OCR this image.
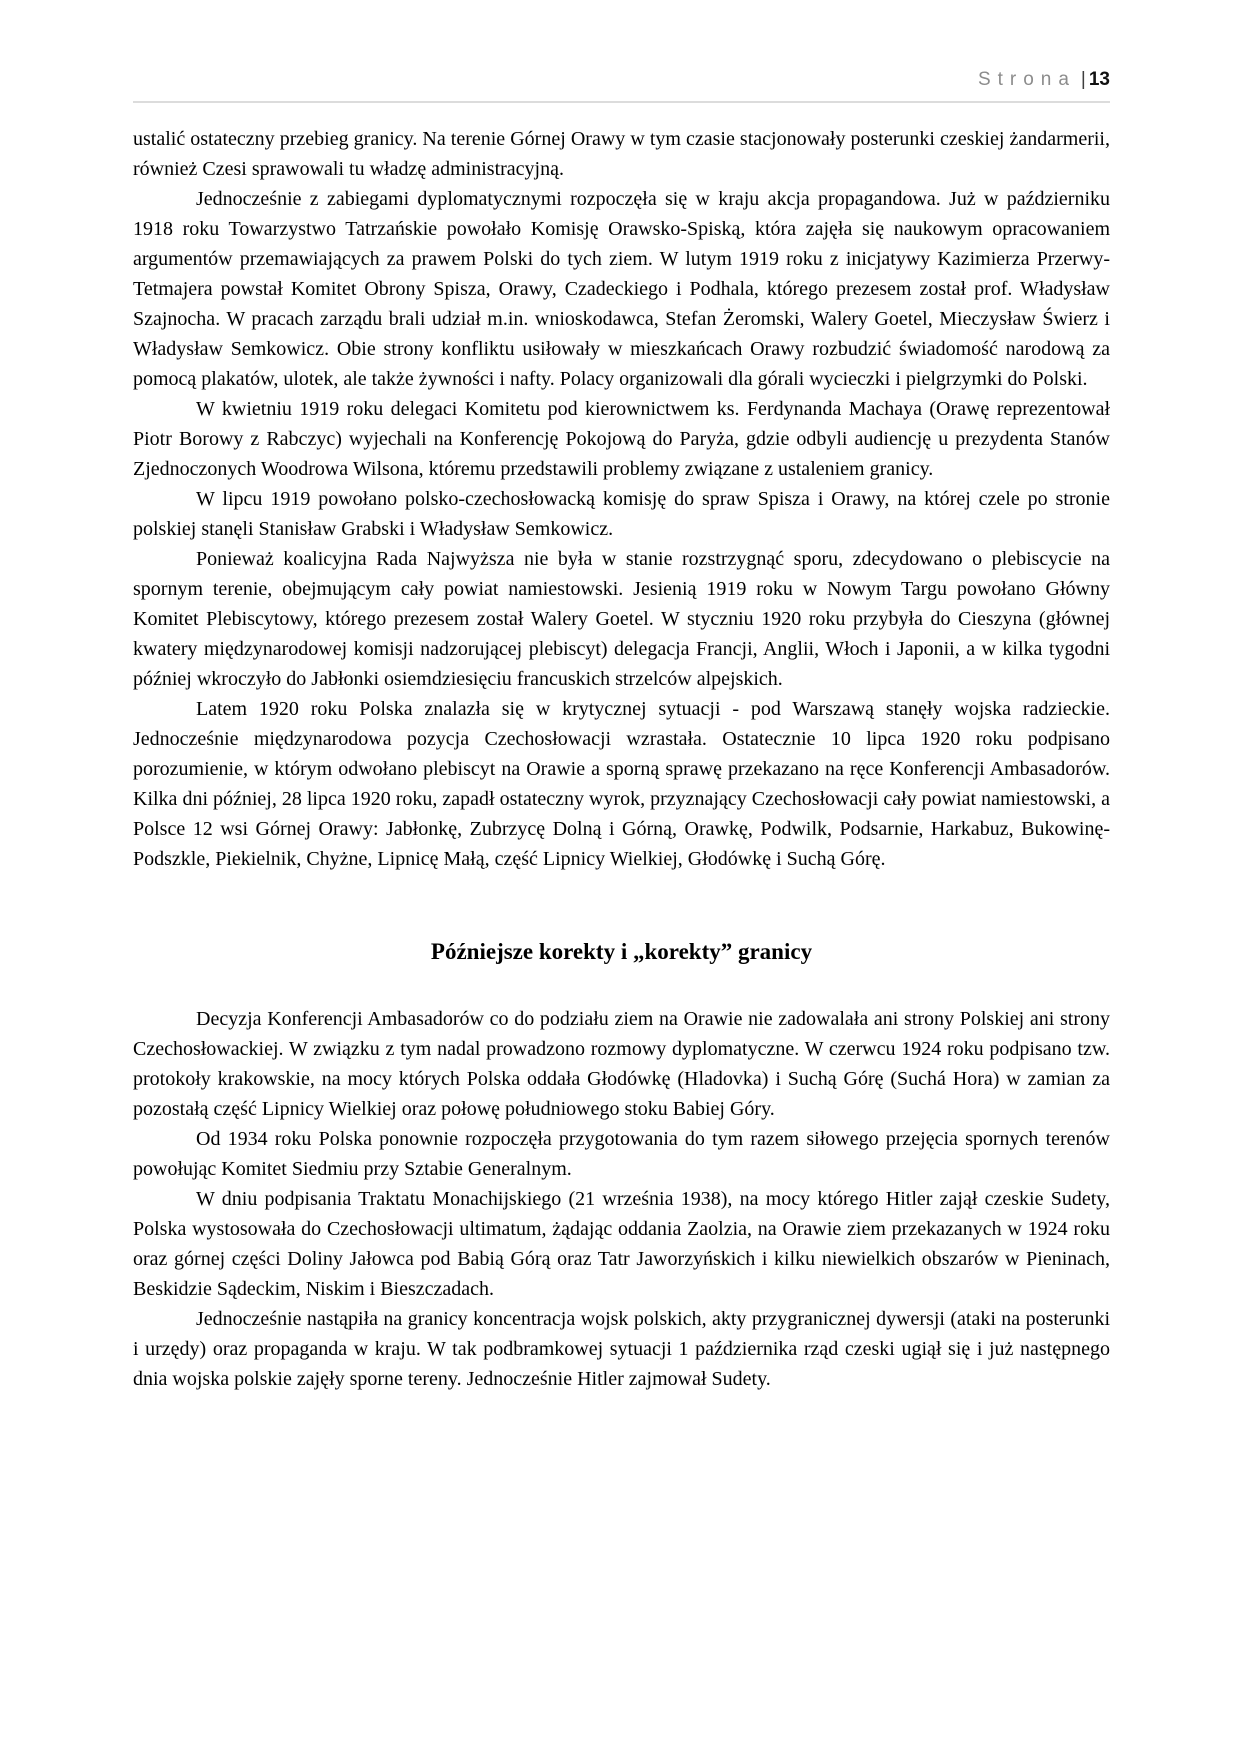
Strona | 13

ustalić ostateczny przebieg granicy. Na terenie Górnej Orawy w tym czasie stacjonowały posterunki czeskiej żandarmerii, również Czesi sprawowali tu władzę administracyjną.

Jednocześnie z zabiegami dyplomatycznymi rozpoczęła się w kraju akcja propagandowa. Już w październiku 1918 roku Towarzystwo Tatrzańskie powołało Komisję Orawsko-Spiską, która zajęła się naukowym opracowaniem argumentów przemawiających za prawem Polski do tych ziem. W lutym 1919 roku z inicjatywy Kazimierza Przerwy-Tetmajera powstał Komitet Obrony Spisza, Orawy, Czadeckiego i Podhala, którego prezesem został prof. Władysław Szajnocha. W pracach zarządu brali udział m.in. wnioskodawca, Stefan Żeromski, Walery Goetel, Mieczysław Świerz i Władysław Semkowicz. Obie strony konfliktu usiłowały w mieszkańcach Orawy rozbudzić świadomość narodową za pomocą plakatów, ulotek, ale także żywności i nafty. Polacy organizowali dla górali wycieczki i pielgrzymki do Polski.

W kwietniu 1919 roku delegaci Komitetu pod kierownictwem ks. Ferdynanda Machaya (Orawę reprezentował Piotr Borowy z Rabczyc) wyjechali na Konferencję Pokojową do Paryża, gdzie odbyli audiencję u prezydenta Stanów Zjednoczonych Woodrowa Wilsona, któremu przedstawili problemy związane z ustaleniem granicy.

W lipcu 1919 powołano polsko-czechosłowacką komisję do spraw Spisza i Orawy, na której czele po stronie polskiej stanęli Stanisław Grabski i Władysław Semkowicz.

Ponieważ koalicyjna Rada Najwyższa nie była w stanie rozstrzygnąć sporu, zdecydowano o plebiscycie na spornym terenie, obejmującym cały powiat namiestowski. Jesienią 1919 roku w Nowym Targu powołano Główny Komitet Plebiscytowy, którego prezesem został Walery Goetel. W styczniu 1920 roku przybyła do Cieszyna (głównej kwatery międzynarodowej komisji nadzorującej plebiscyt) delegacja Francji, Anglii, Włoch i Japonii, a w kilka tygodni później wkroczyło do Jabłonki osiemdziesięciu francuskich strzelców alpejskich.

Latem 1920 roku Polska znalazła się w krytycznej sytuacji - pod Warszawą stanęły wojska radzieckie. Jednocześnie międzynarodowa pozycja Czechosłowacji wzrastała. Ostatecznie 10 lipca 1920 roku podpisano porozumienie, w którym odwołano plebiscyt na Orawie a sporną sprawę przekazano na ręce Konferencji Ambasadorów. Kilka dni później, 28 lipca 1920 roku, zapadł ostateczny wyrok, przyznający Czechosłowacji cały powiat namiestowski, a Polsce 12 wsi Górnej Orawy: Jabłonkę, Zubrzycę Dolną i Górną, Orawkę, Podwilk, Podsarnie, Harkabuz, Bukowinę-Podszkle, Piekielnik, Chyżne, Lipnicę Małą, część Lipnicy Wielkiej, Głodówkę i Suchą Górę.

Późniejsze korekty i „korekty” granicy

Decyzja Konferencji Ambasadorów co do podziału ziem na Orawie nie zadowalała ani strony Polskiej ani strony Czechosłowackiej. W związku z tym nadal prowadzono rozmowy dyplomatyczne. W czerwcu 1924 roku podpisano tzw. protokoły krakowskie, na mocy których Polska oddała Głodówkę (Hladovka) i Suchą Górę (Suchá Hora) w zamian za pozostałą część Lipnicy Wielkiej oraz połowę południowego stoku Babiej Góry.

Od 1934 roku Polska ponownie rozpoczęła przygotowania do tym razem siłowego przejęcia spornych terenów powołując Komitet Siedmiu przy Sztabie Generalnym.

W dniu podpisania Traktatu Monachijskiego (21 września 1938), na mocy którego Hitler zajął czeskie Sudety, Polska wystosowała do Czechosłowacji ultimatum, żądając oddania Zaolzia, na Orawie ziem przekazanych w 1924 roku oraz górnej części Doliny Jałowca pod Babią Górą oraz Tatr Jaworzyńskich i kilku niewielkich obszarów w Pieninach, Beskidzie Sądeckim, Niskim i Bieszczadach.

Jednocześnie nastąpiła na granicy koncentracja wojsk polskich, akty przygranicznej dywersji (ataki na posterunki i urzędy) oraz propaganda w kraju. W tak podbramkowej sytuacji 1 października rząd czeski ugiął się i już następnego dnia wojska polskie zajęły sporne tereny. Jednocześnie Hitler zajmował Sudety.
